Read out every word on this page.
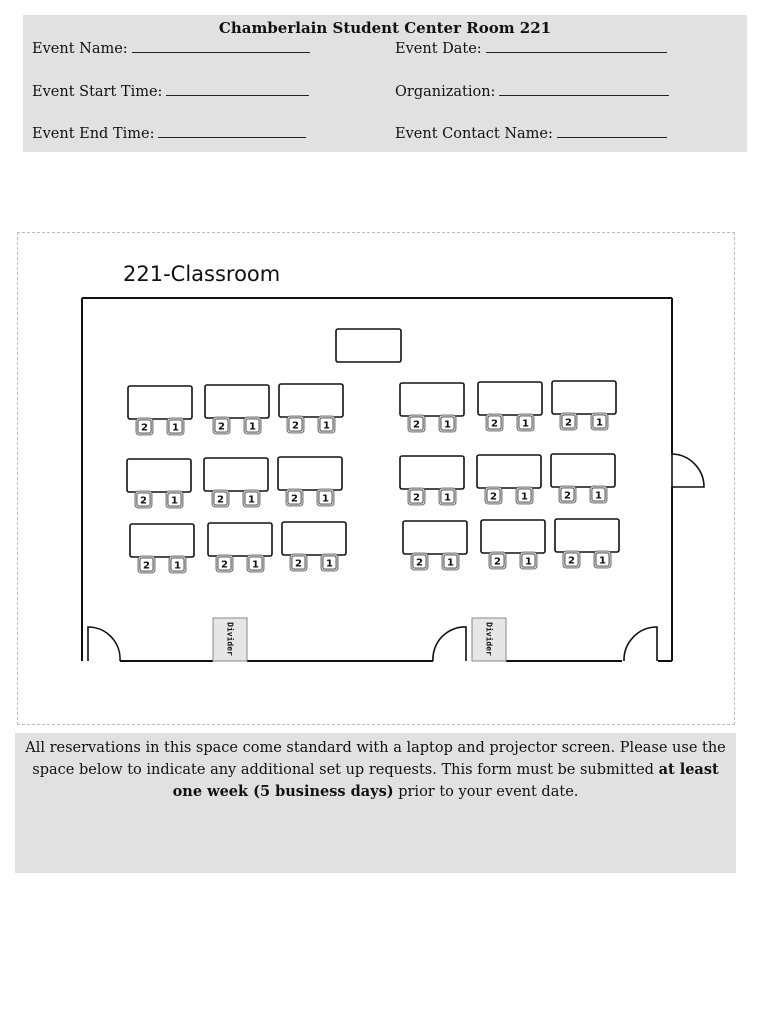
Chamberlain Student Center Room 221
Event Name:	Event Date:
Event Start Time:	Organization:
Event End Time:	Event Contact Name:
221-Classroom
Divider	Divider
2 1	2 1	2 1	2 1	2 1	2 1
2 1	2 1	2 1	2 1	2 1	2 1
2 1	2 1	2 1	2 1	2 1	2 1
All reservations in this space come standard with a laptop and projector screen. Please use the space below to indicate any additional set up requests. This form must be submitted at least one week (5 business days) prior to your event date.
